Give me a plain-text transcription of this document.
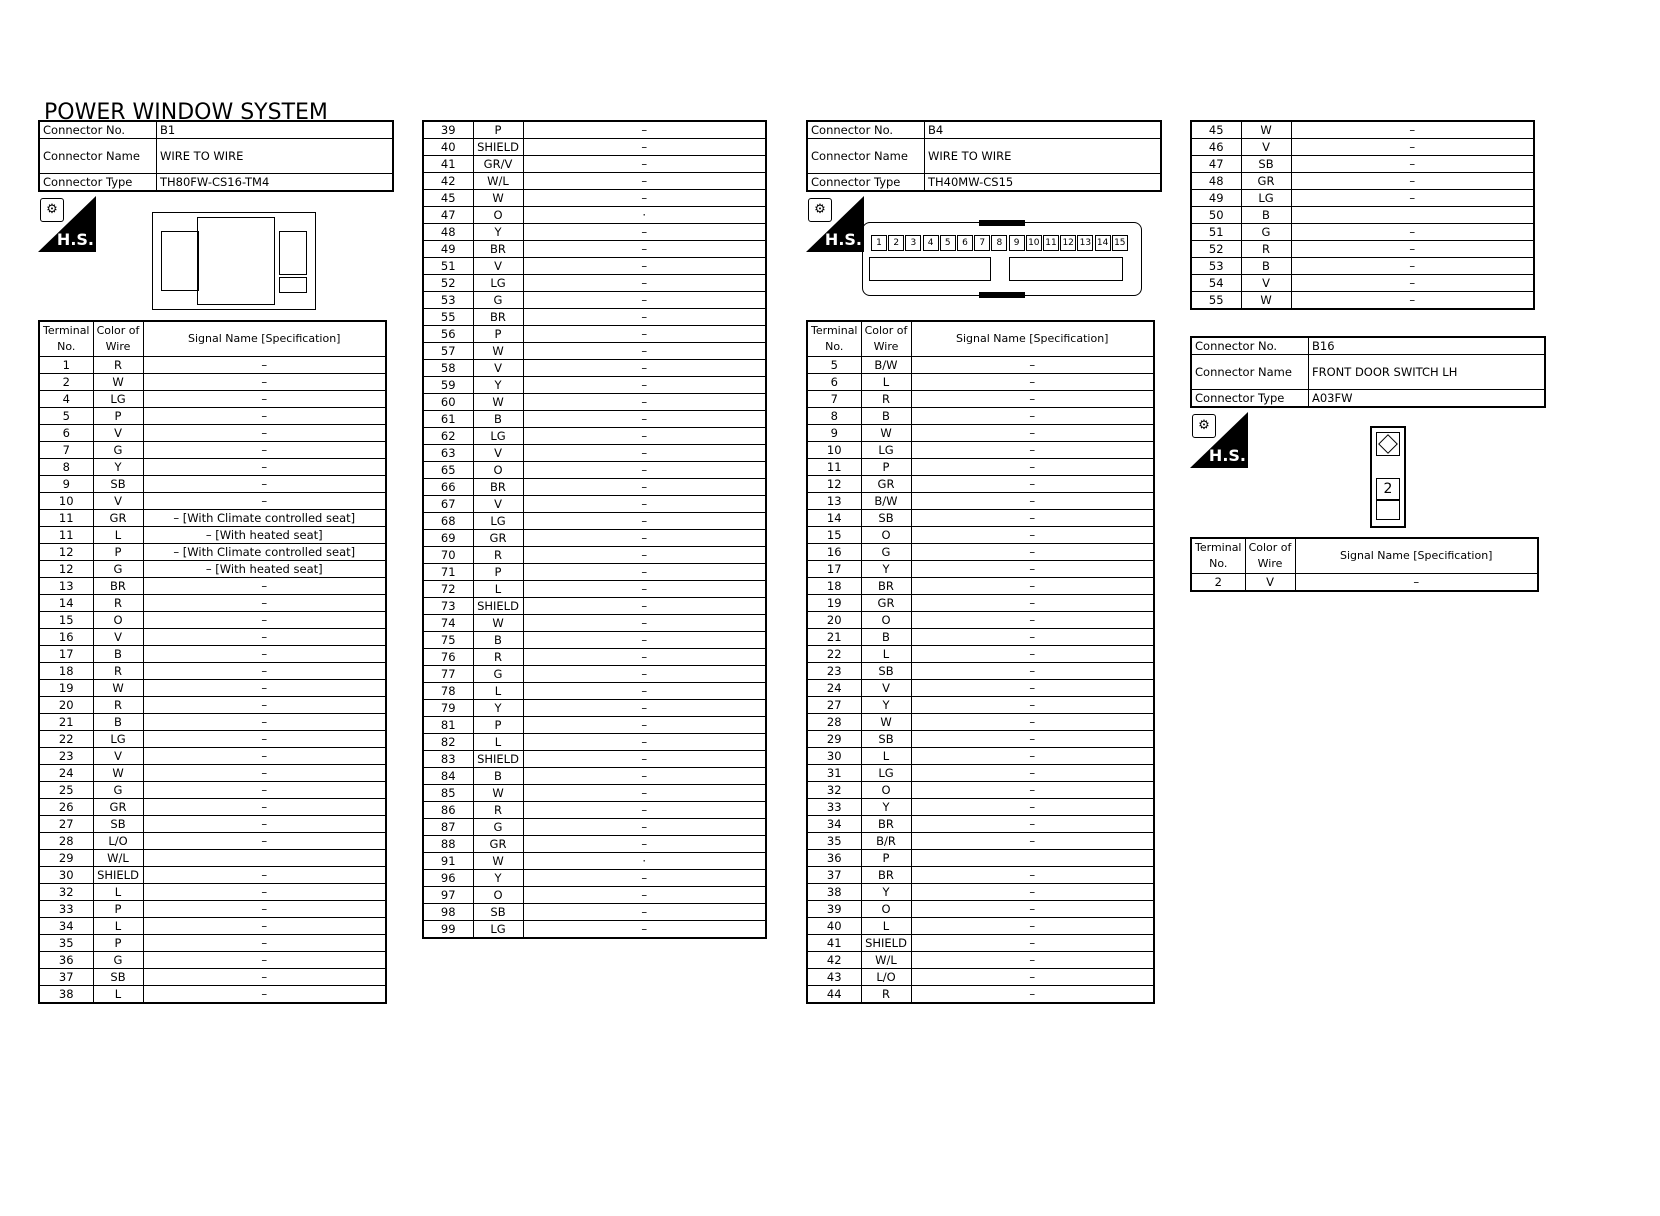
POWER WINDOW SYSTEM
Connector No.	B1
Connector Name	WIRE TO WIRE
Connector Type	TH80FW-CS16-TM4
⚙
H.S.
Terminal No.	Color of Wire	Signal Name [Specification]
1	R	–
2	W	–
4	LG	–
5	P	–
6	V	–
7	G	–
8	Y	–
9	SB	–
10	V	–
11	GR	– [With Climate controlled seat]
11	L	– [With heated seat]
12	P	– [With Climate controlled seat]
12	G	– [With heated seat]
13	BR	–
14	R	–
15	O	–
16	V	–
17	B	–
18	R	–
19	W	–
20	R	–
21	B	–
22	LG	–
23	V	–
24	W	–
25	G	–
26	GR	–
27	SB	–
28	L/O	–
29	W/L	
30	SHIELD	–
32	L	–
33	P	–
34	L	–
35	P	–
36	G	–
37	SB	–
38	L	–
39	P	–
40	SHIELD	–
41	GR/V	–
42	W/L	–
45	W	–
47	O	·
48	Y	–
49	BR	–
51	V	–
52	LG	–
53	G	–
55	BR	–
56	P	–
57	W	–
58	V	–
59	Y	–
60	W	–
61	B	–
62	LG	–
63	V	–
65	O	–
66	BR	–
67	V	–
68	LG	–
69	GR	–
70	R	–
71	P	–
72	L	–
73	SHIELD	–
74	W	–
75	B	–
76	R	–
77	G	–
78	L	–
79	Y	–
81	P	–
82	L	–
83	SHIELD	–
84	B	–
85	W	–
86	R	–
87	G	–
88	GR	–
91	W	·
96	Y	–
97	O	–
98	SB	–
99	LG	–
Connector No.	B4
Connector Name	WIRE TO WIRE
Connector Type	TH40MW-CS15
⚙
H.S.	1	2	3	4	5	6	7	8	9 10 11 12 13 14 15
Terminal No.	Color of Wire	Signal Name [Specification]
5	B/W	–
6	L	–
7	R	–
8	B	–
9	W	–
10	LG	–
11	P	–
12	GR	–
13	B/W	–
14	SB	–
15	O	–
16	G	–
17	Y	–
18	BR	–
19	GR	–
20	O	–
21	B	–
22	L	–
23	SB	–
24	V	–
27	Y	–
28	W	–
29	SB	–
30	L	–
31	LG	–
32	O	–
33	Y	–
34	BR	–
35	B/R	–
36	P	
37	BR	–
38	Y	–
39	O	–
40	L	–
41	SHIELD	–
42	W/L	–
43	L/O	–
44	R	–
45	W	–
46	V	–
47	SB	–
48	GR	–
49	LG	–
50	B	
51	G	–
52	R	–
53	B	–
54	V	–
55	W	–
Connector No.	B16
Connector Name	FRONT DOOR SWITCH LH
Connector Type	A03FW
⚙
H.S.
2
Terminal No.	Color of Wire	Signal Name [Specification]
2	V	–
